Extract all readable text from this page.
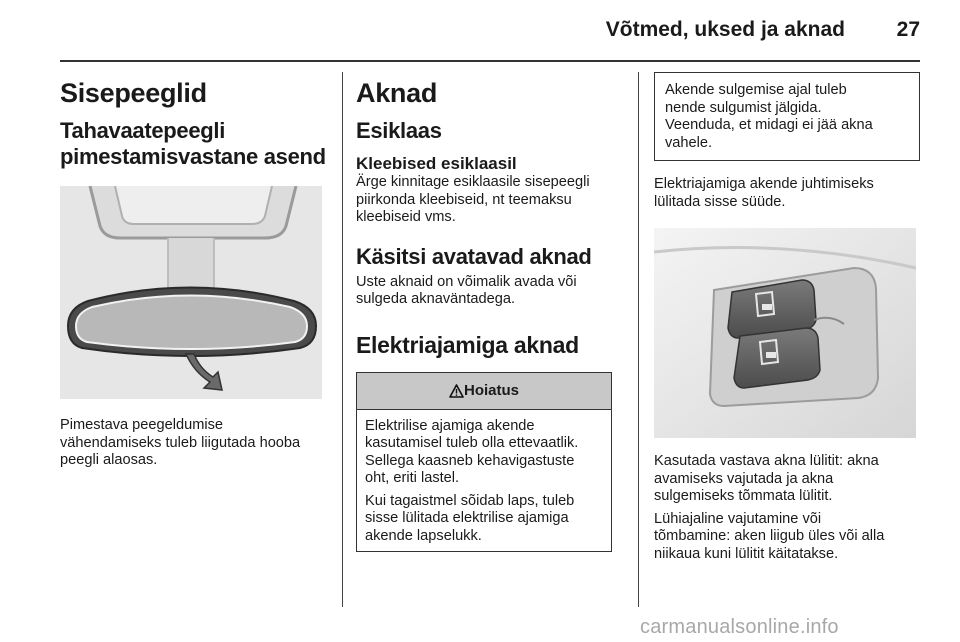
Võtmed, uksed ja aknad 27
Sisepeeglid
Tahavaatepeegli
pimestamisvastane asend
Pimestava peegeldumise
vähendamiseks tuleb liigutada hooba
peegli alaosas.
Aknad
Esiklaas
Kleebised esiklaasil
Ärge kinnitage esiklaasile sisepeegli
piirkonda kleebiseid, nt teemaksu
kleebiseid vms.
Käsitsi avatavad aknad
Uste aknaid on võimalik avada või
sulgeda aknaväntadega.
Elektriajamiga aknad
Hoiatus
Elektrilise ajamiga akende
kasutamisel tuleb olla ettevaatlik.
Sellega kaasneb kehavigastuste
oht, eriti lastel.
Kui tagaistmel sõidab laps, tuleb
sisse lülitada elektrilise ajamiga
akende lapselukk.
Akende sulgemise ajal tuleb
nende sulgumist jälgida.
Veenduda, et midagi ei jää akna
vahele.
Elektriajamiga akende juhtimiseks
lülitada sisse süüde.
Kasutada vastava akna lülitit: akna
avamiseks vajutada ja akna
sulgemiseks tõmmata lülitit.
Lühiajaline vajutamine või
tõmbamine: aken liigub üles või alla
niikaua kuni lülitit käitatakse.
carmanualsonline.info
